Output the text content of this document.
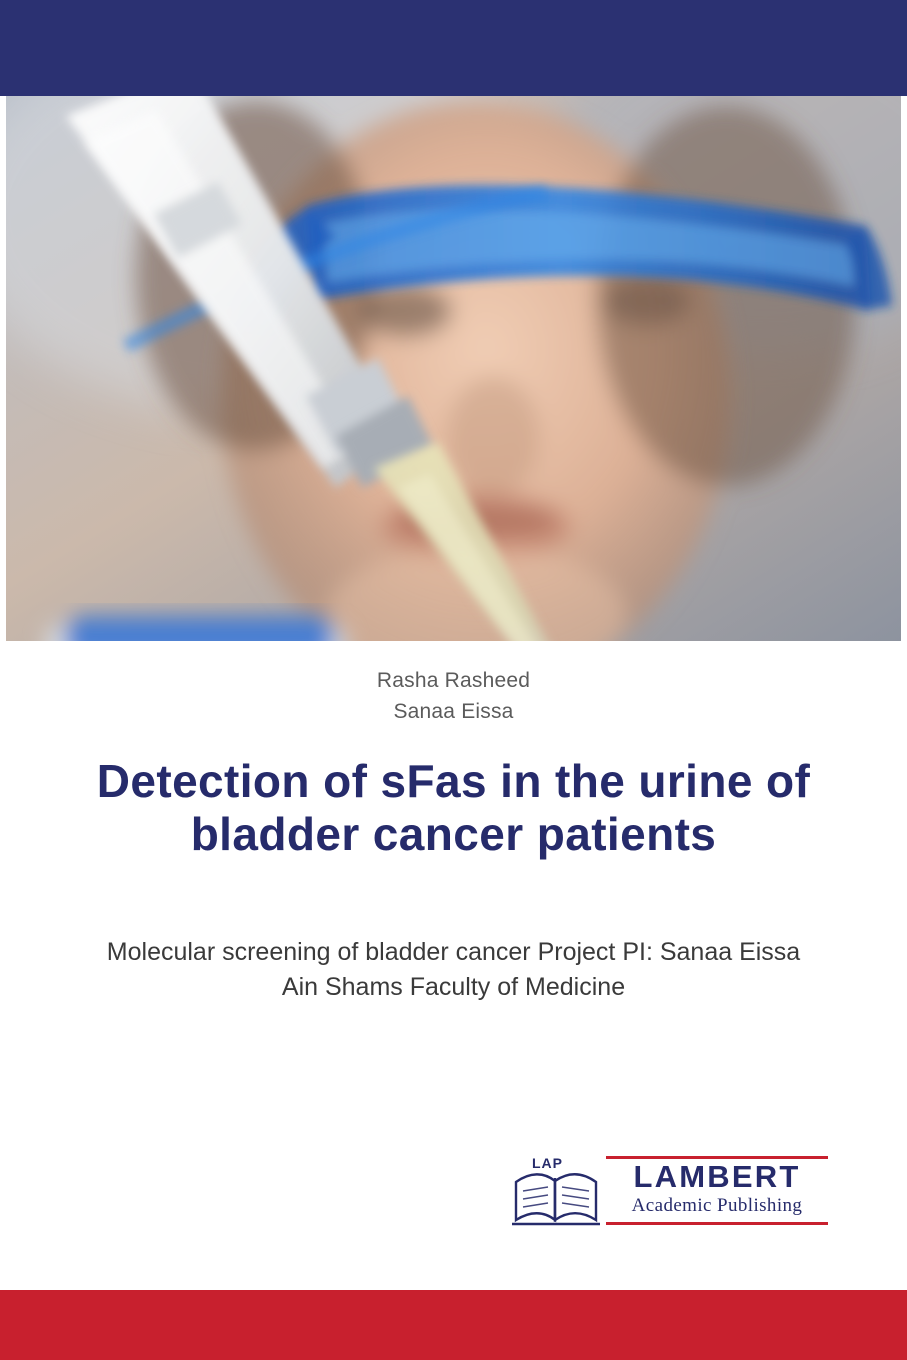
Rasha Rasheed
Sanaa Eissa
Detection of sFas in the urine of bladder cancer patients
Molecular screening of bladder cancer Project PI: Sanaa Eissa Ain Shams Faculty of Medicine
LAP	LAMBERT
Academic Publishing
